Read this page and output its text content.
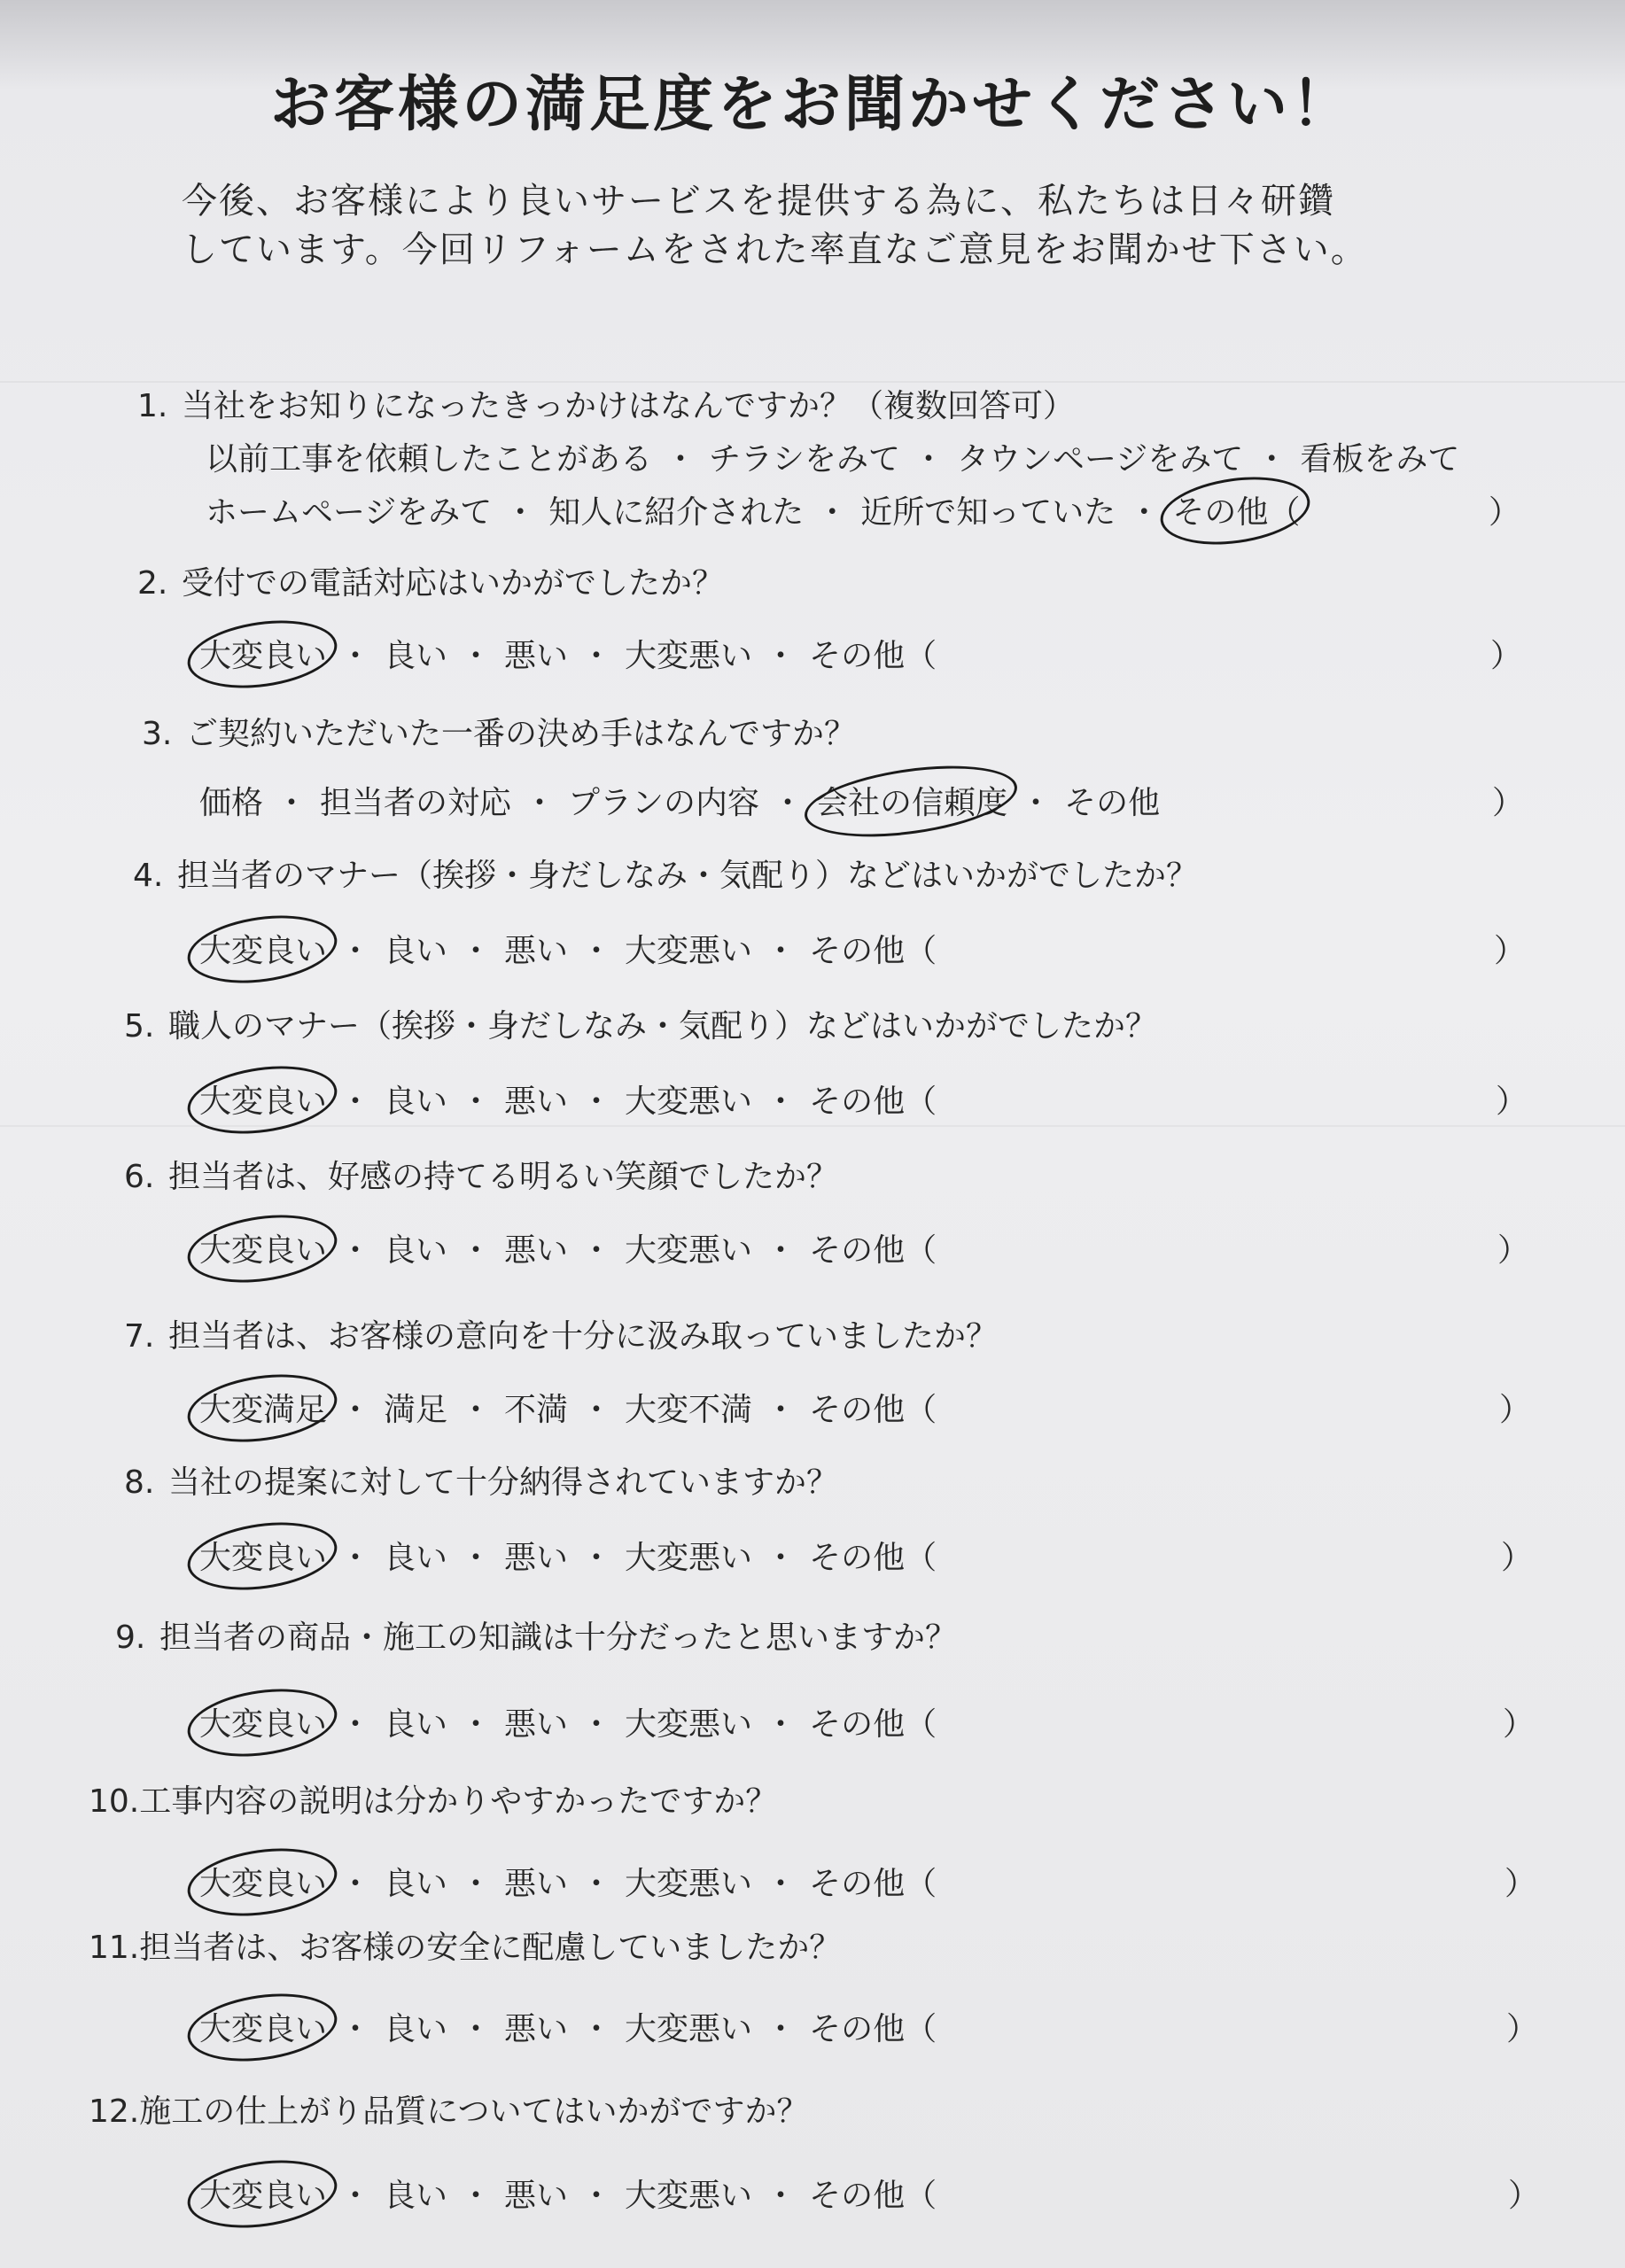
お客様の満足度をお聞かせください！
今後、お客様により良いサービスを提供する為に、私たちは日々研鑽
しています。今回リフォームをされた率直なご意見をお聞かせ下さい。
1. 当社をお知りになったきっかけはなんですか？（複数回答可）
以前工事を依頼したことがある ・ チラシをみて ・ タウンページをみて ・ 看板をみて
ホームページをみて ・ 知人に紹介された ・ 近所で知っていた ・ その他（	）
2. 受付での電話対応はいかがでしたか？
大変良い ・ 良い ・ 悪い ・ 大変悪い ・ その他（	）
3. ご契約いただいた一番の決め手はなんですか？
価格 ・ 担当者の対応 ・ プランの内容 ・ 会社の信頼度 ・ その他	）
4. 担当者のマナー（挨拶・身だしなみ・気配り）などはいかがでしたか？
大変良い ・ 良い ・ 悪い ・ 大変悪い ・ その他（	）
5. 職人のマナー（挨拶・身だしなみ・気配り）などはいかがでしたか？
大変良い ・ 良い ・ 悪い ・ 大変悪い ・ その他（	）
6. 担当者は、好感の持てる明るい笑顔でしたか？
大変良い ・ 良い ・ 悪い ・ 大変悪い ・ その他（	）
7. 担当者は、お客様の意向を十分に汲み取っていましたか？
大変満足 ・ 満足 ・ 不満 ・ 大変不満 ・ その他（	）
8. 当社の提案に対して十分納得されていますか？
大変良い ・ 良い ・ 悪い ・ 大変悪い ・ その他（	）
9. 担当者の商品・施工の知識は十分だったと思いますか？
大変良い ・ 良い ・ 悪い ・ 大変悪い ・ その他（	）
10.工事内容の説明は分かりやすかったですか？
大変良い ・ 良い ・ 悪い ・ 大変悪い ・ その他（	）
11.担当者は、お客様の安全に配慮していましたか？
大変良い ・ 良い ・ 悪い ・ 大変悪い ・ その他（	）
12.施工の仕上がり品質についてはいかがですか？
大変良い ・ 良い ・ 悪い ・ 大変悪い ・ その他（	）
